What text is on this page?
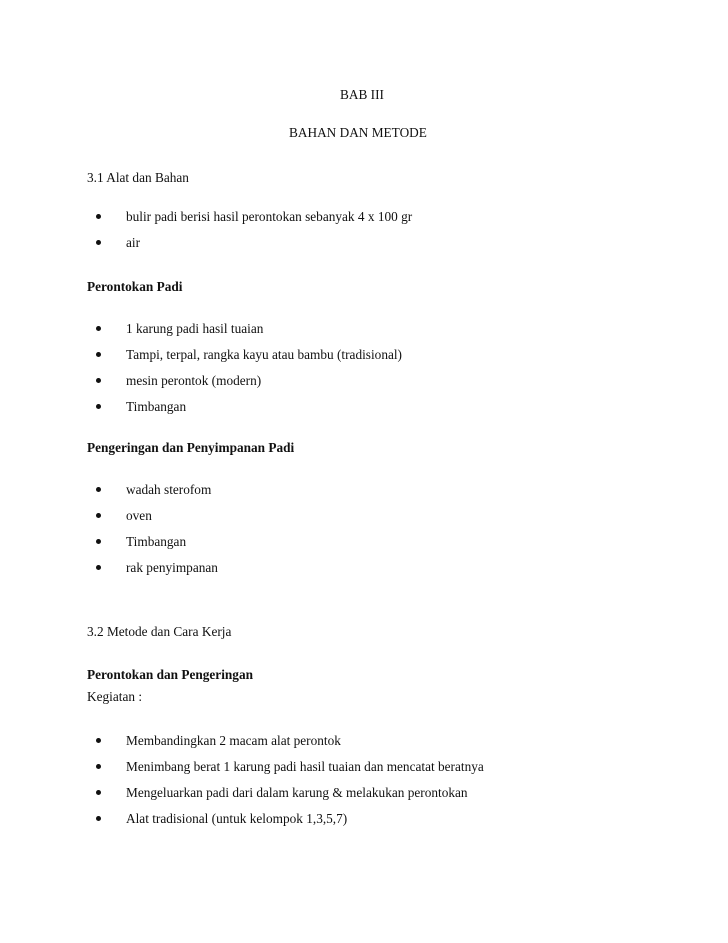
BAB III
BAHAN DAN METODE
3.1 Alat dan Bahan
bulir padi berisi hasil perontokan sebanyak 4 x 100 gr
air
Perontokan Padi
1 karung padi hasil tuaian
Tampi, terpal, rangka kayu atau bambu (tradisional)
mesin perontok (modern)
Timbangan
Pengeringan dan Penyimpanan Padi
wadah sterofom
oven
Timbangan
rak penyimpanan
3.2 Metode dan Cara Kerja
Perontokan dan Pengeringan
Kegiatan :
Membandingkan 2 macam alat perontok
Menimbang berat 1 karung padi hasil tuaian dan mencatat beratnya
Mengeluarkan padi dari dalam karung & melakukan perontokan
Alat tradisional (untuk kelompok 1,3,5,7)
